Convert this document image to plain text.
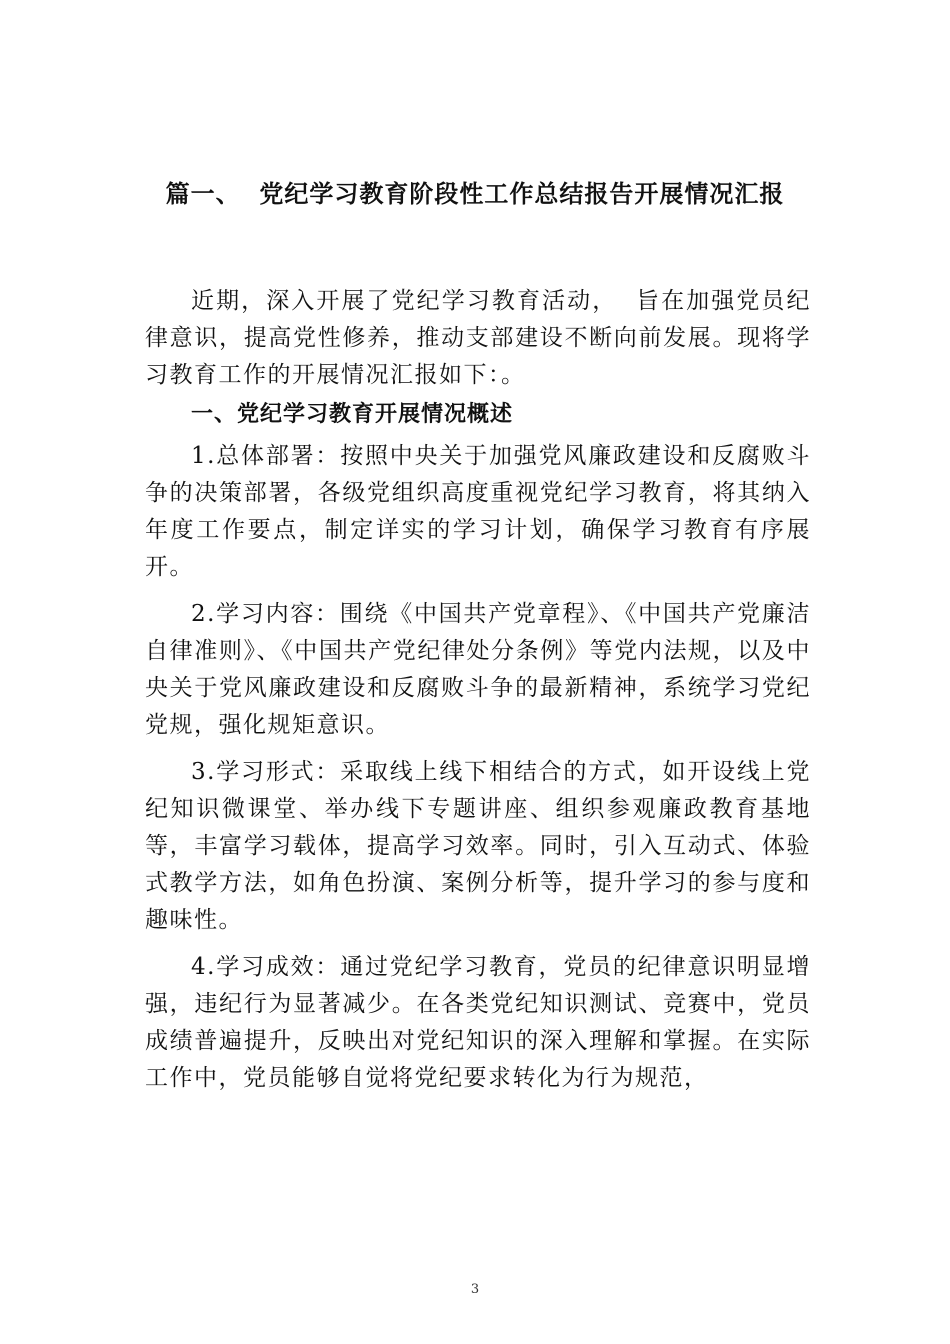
篇一、  党纪学习教育阶段性工作总结报告开展情况汇报

近期，深入开展了党纪学习教育活动，  旨在加强党员纪律意识，提高党性修养，推动支部建设不断向前发展。现将学习教育工作的开展情况汇报如下：。

一、党纪学习教育开展情况概述

1.总体部署：按照中央关于加强党风廉政建设和反腐败斗争的决策部署，各级党组织高度重视党纪学习教育，将其纳入年度工作要点，制定详实的学习计划，确保学习教育有序展开。

2.学习内容：围绕《中国共产党章程》、《中国共产党廉洁自律准则》、《中国共产党纪律处分条例》等党内法规，以及中央关于党风廉政建设和反腐败斗争的最新精神，系统学习党纪党规，强化规矩意识。

3.学习形式：采取线上线下相结合的方式，如开设线上党纪知识微课堂、举办线下专题讲座、组织参观廉政教育基地等，丰富学习载体，提高学习效率。同时，引入互动式、体验式教学方法，如角色扮演、案例分析等，提升学习的参与度和趣味性。

4.学习成效：通过党纪学习教育，党员的纪律意识明显增强，违纪行为显著减少。在各类党纪知识测试、竞赛中，党员成绩普遍提升，反映出对党纪知识的深入理解和掌握。在实际工作中，党员能够自觉将党纪要求转化为行为规范，

3
